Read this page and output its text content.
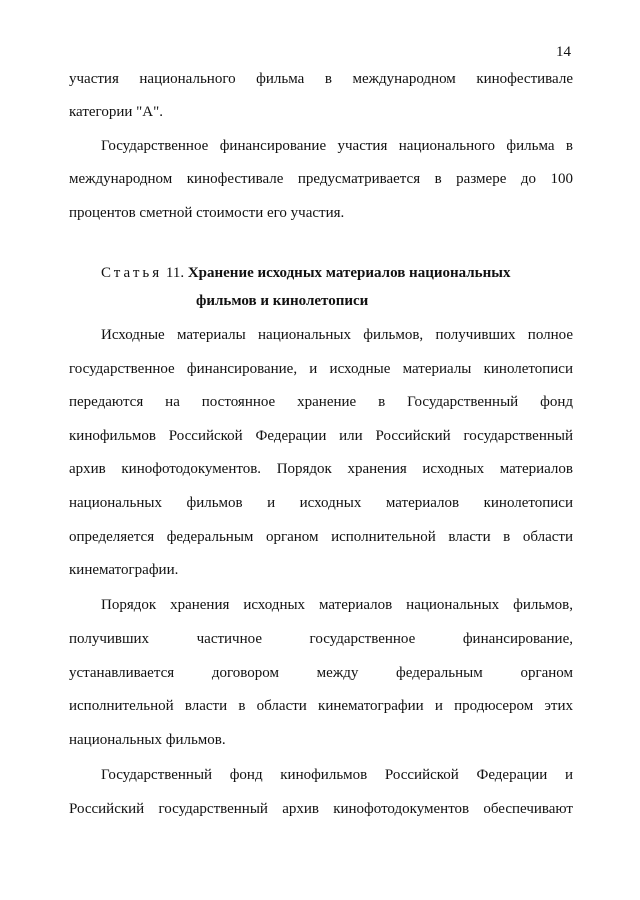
14
участия национального фильма в международном кинофестивале
категории "А".
Государственное финансирование участия национального фильма в
международном кинофестивале предусматривается в размере до 100
процентов сметной стоимости его участия.
Статья 11. Хранение исходных материалов национальных
фильмов и кинолетописи
Исходные материалы национальных фильмов, получивших полное
государственное финансирование, и исходные материалы кинолетописи
передаются на постоянное хранение в Государственный фонд
кинофильмов Российской Федерации или Российский государственный
архив кинофотодокументов. Порядок хранения исходных материалов
национальных фильмов и исходных материалов кинолетописи
определяется федеральным органом исполнительной власти в области
кинематографии.
Порядок хранения исходных материалов национальных фильмов,
получивших частичное государственное финансирование,
устанавливается договором между федеральным органом
исполнительной власти в области кинематографии и продюсером этих
национальных фильмов.
Государственный фонд кинофильмов Российской Федерации и
Российский государственный архив кинофотодокументов обеспечивают
